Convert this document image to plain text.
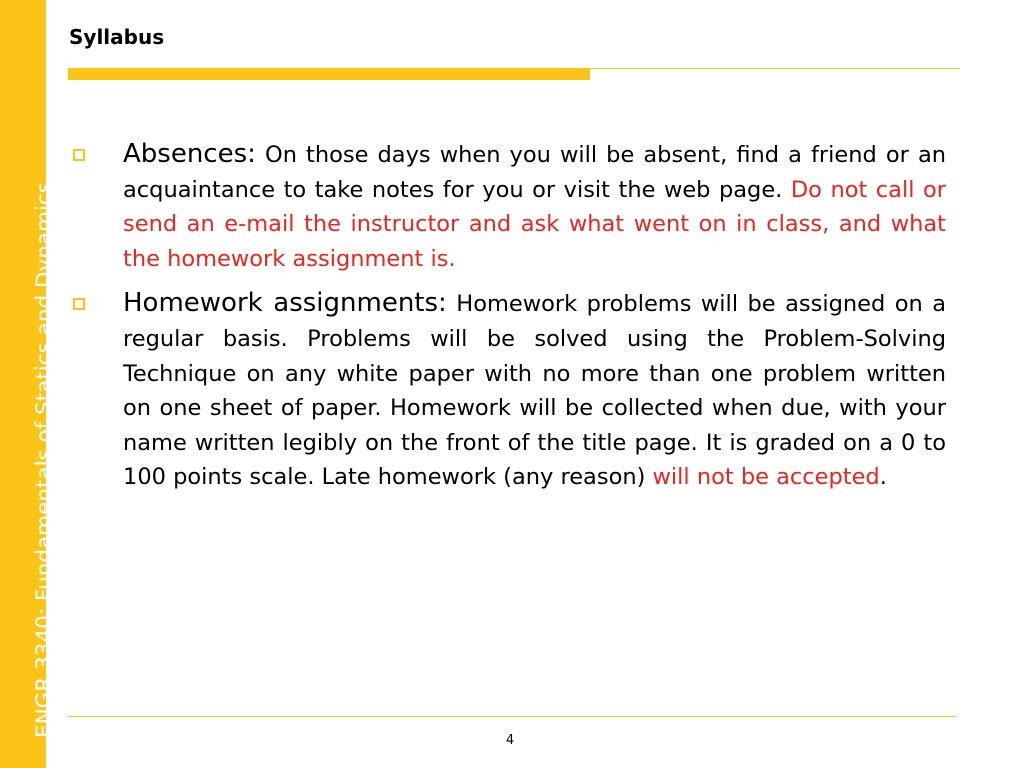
ENGR 3340: Fundamentals of Statics and Dynamics
Syllabus
Absences: On those days when you will be absent, find a friend or an acquaintance to take notes for you or visit the web page. Do not call or send an e-mail the instructor and ask what went on in class, and what the homework assignment is.
Homework assignments: Homework problems will be assigned on a regular basis. Problems will be solved using the Problem-Solving Technique on any white paper with no more than one problem written on one sheet of paper. Homework will be collected when due, with your name written legibly on the front of the title page. It is graded on a 0 to 100 points scale. Late homework (any reason) will not be accepted.
4
